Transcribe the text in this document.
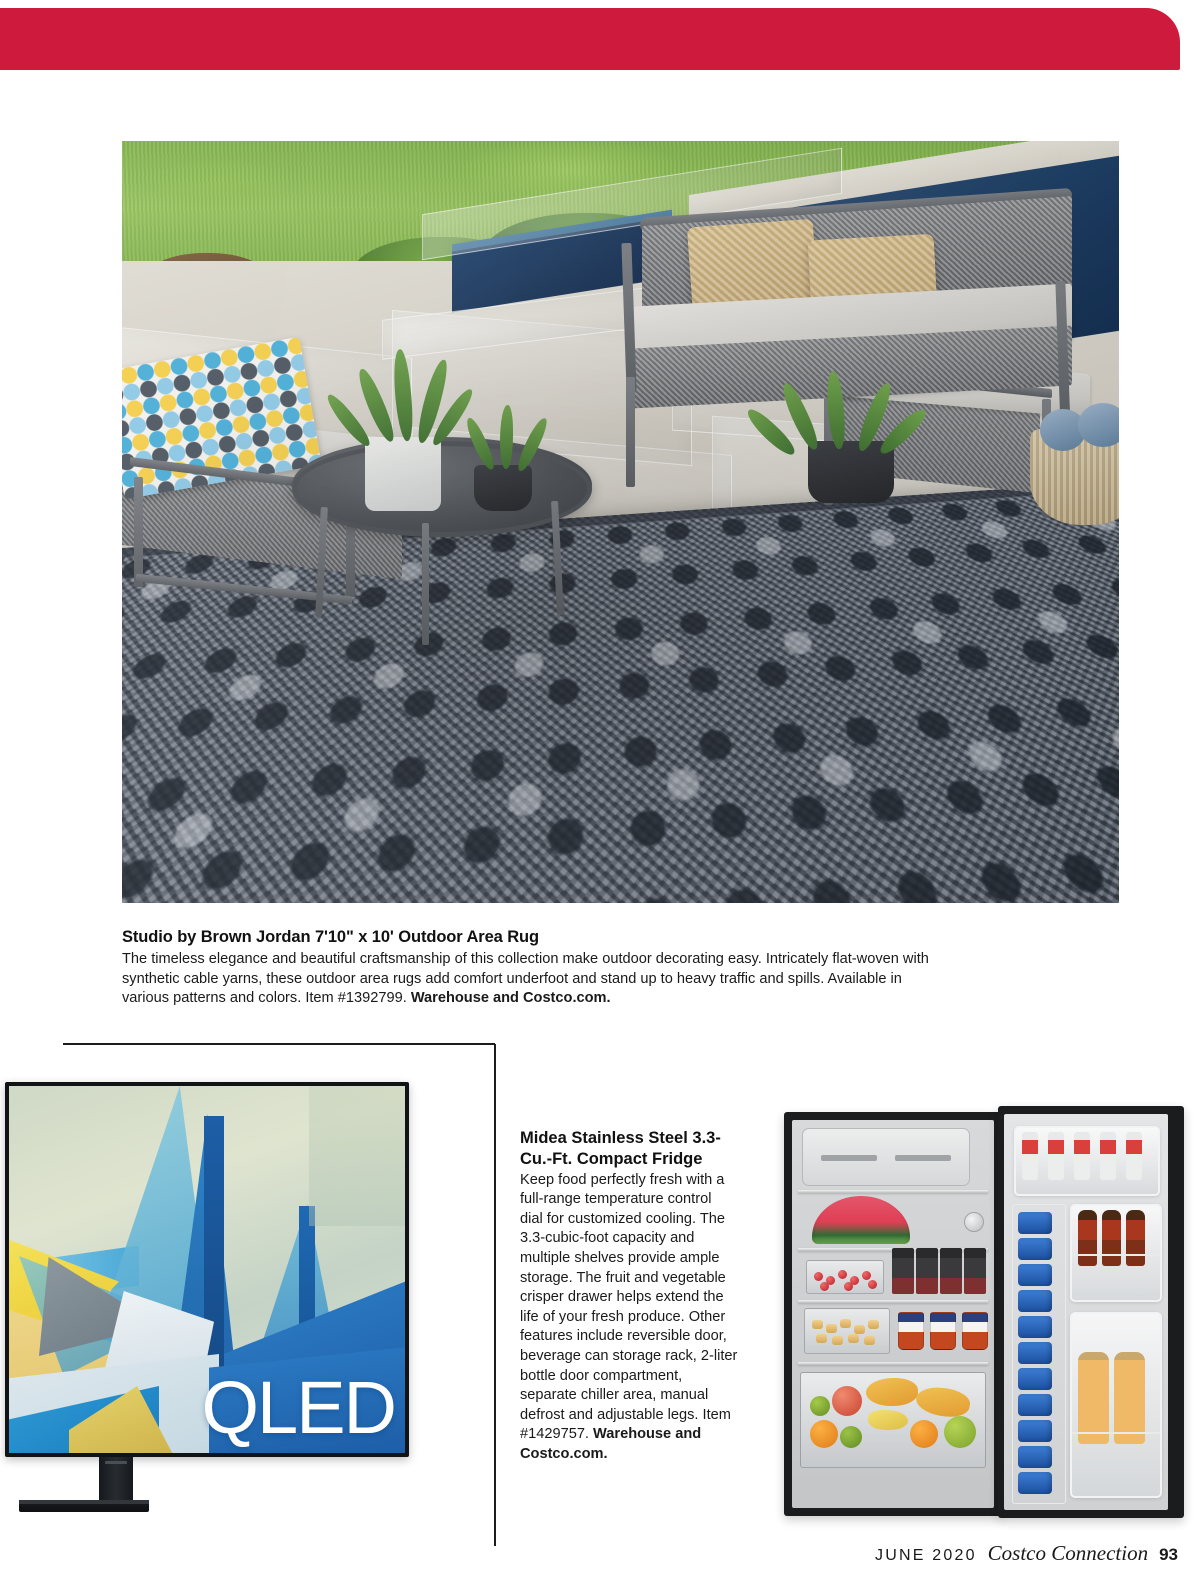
Studio by Brown Jordan 7'10" x 10' Outdoor Area Rug
The timeless elegance and beautiful craftsmanship of this collection make outdoor decorating easy. Intricately flat-woven with synthetic cable yarns, these outdoor area rugs add comfort underfoot and stand up to heavy traffic and spills. Available in various patterns and colors. Item #1392799. Warehouse and Costco.com.
QLED
Midea Stainless Steel 3.3-Cu.-Ft. Compact Fridge Keep food perfectly fresh with a full-range temperature control dial for customized cooling. The 3.3-cubic-foot capacity and multiple shelves provide ample storage. The fruit and vegetable crisper drawer helps extend the life of your fresh produce. Other features include reversible door, beverage can storage rack, 2-liter bottle door compartment, separate chiller area, manual defrost and adjustable legs. Item #1429757. Warehouse and Costco.com.
JUNE 2020 Costco Connection 93
